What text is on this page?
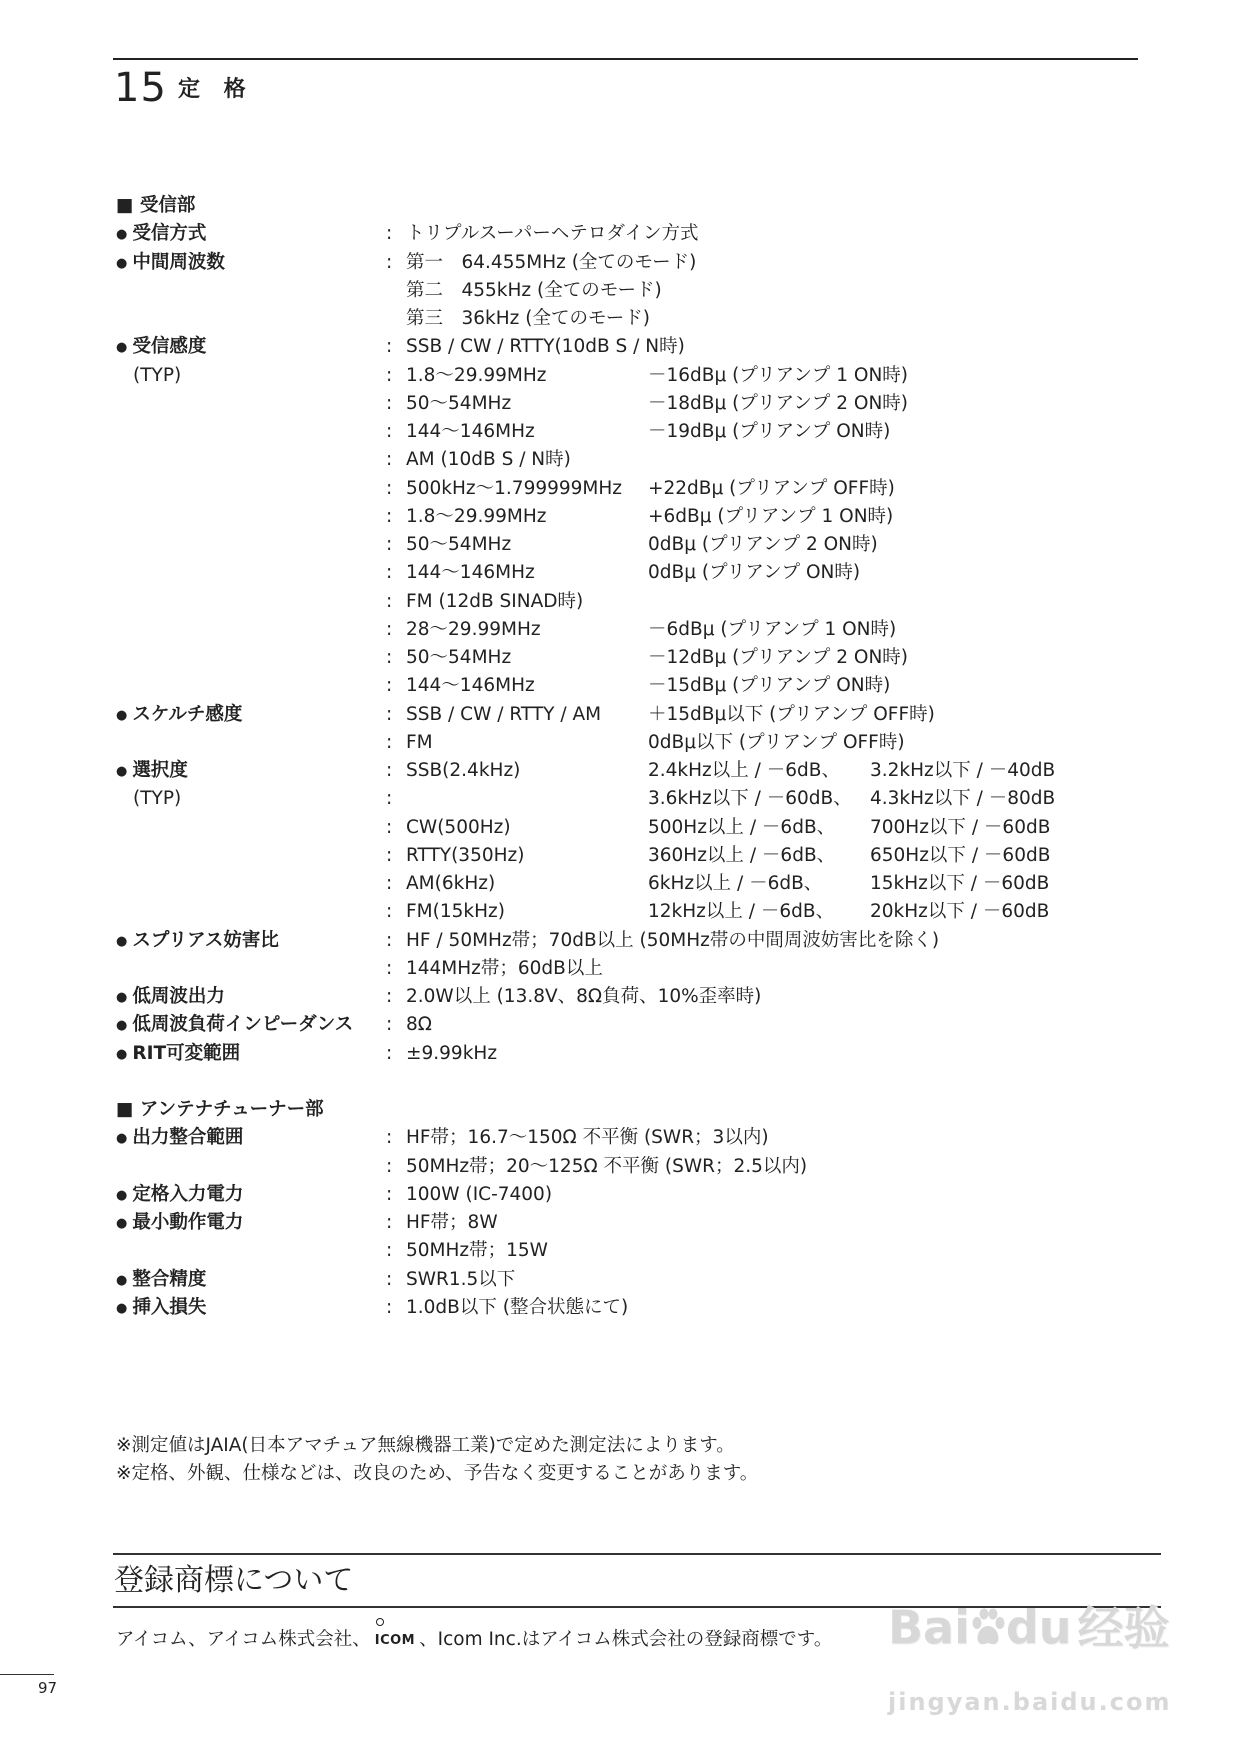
15 定 格
■ 受信部
● 受信方式	: トリプルスーパーヘテロダイン方式
● 中間周波数	: 第一　64.455MHz (全てのモード)
第二　455kHz (全てのモード)
第三　36kHz (全てのモード)
● 受信感度	: SSB / CW / RTTY(10dB S / N時)
(TYP)	: 1.8〜29.99MHz	－16dBμ (プリアンプ 1 ON時)
: 50〜54MHz	－18dBμ (プリアンプ 2 ON時)
: 144〜146MHz	－19dBμ (プリアンプ ON時)
: AM (10dB S / N時)
: 500kHz〜1.799999MHz +22dBμ (プリアンプ OFF時)
: 1.8〜29.99MHz	+6dBμ (プリアンプ 1 ON時)
: 50〜54MHz	0dBμ (プリアンプ 2 ON時)
: 144〜146MHz	0dBμ (プリアンプ ON時)
: FM (12dB SINAD時)
: 28〜29.99MHz	－6dBμ (プリアンプ 1 ON時)
: 50〜54MHz	－12dBμ (プリアンプ 2 ON時)
: 144〜146MHz	－15dBμ (プリアンプ ON時)
● スケルチ感度	: SSB / CW / RTTY / AM	＋15dBμ以下 (プリアンプ OFF時)
: FM	0dBμ以下 (プリアンプ OFF時)
● 選択度	: SSB(2.4kHz)	2.4kHz以上 / －6dB、 3.2kHz以下 / －40dB
(TYP)	:	3.6kHz以下 / －60dB、 4.3kHz以下 / －80dB
: CW(500Hz)	500Hz以上 / －6dB、 700Hz以下 / －60dB
: RTTY(350Hz)	360Hz以上 / －6dB、 650Hz以下 / －60dB
: AM(6kHz)	6kHz以上 / －6dB、	15kHz以下 / －60dB
: FM(15kHz)	12kHz以上 / －6dB、 20kHz以下 / －60dB
● スプリアス妨害比	: HF / 50MHz帯；70dB以上 (50MHz帯の中間周波妨害比を除く)
: 144MHz帯；60dB以上
● 低周波出力	: 2.0W以上 (13.8V、8Ω負荷、10%歪率時)
● 低周波負荷インピーダンス : 8Ω
● RIT可変範囲	: ±9.99kHz
■ アンテナチューナー部
● 出力整合範囲	: HF帯；16.7〜150Ω 不平衡 (SWR；3以内)
: 50MHz帯；20〜125Ω 不平衡 (SWR；2.5以内)
● 定格入力電力	: 100W (IC-7400)
● 最小動作電力	: HF帯；8W
: 50MHz帯；15W
● 整合精度	: SWR1.5以下
● 挿入損失	: 1.0dB以下 (整合状態にて)
※測定値はJAIA(日本アマチュア無線機器工業)で定めた測定法によります。
※定格、外観、仕様などは、改良のため、予告なく変更することがあります。
登録商標について
アイコム、アイコム株式会社、 ICOM 、Icom Inc.はアイコム株式会社の登録商標です。
97
Bai du 经验
jingyan.baidu.com
